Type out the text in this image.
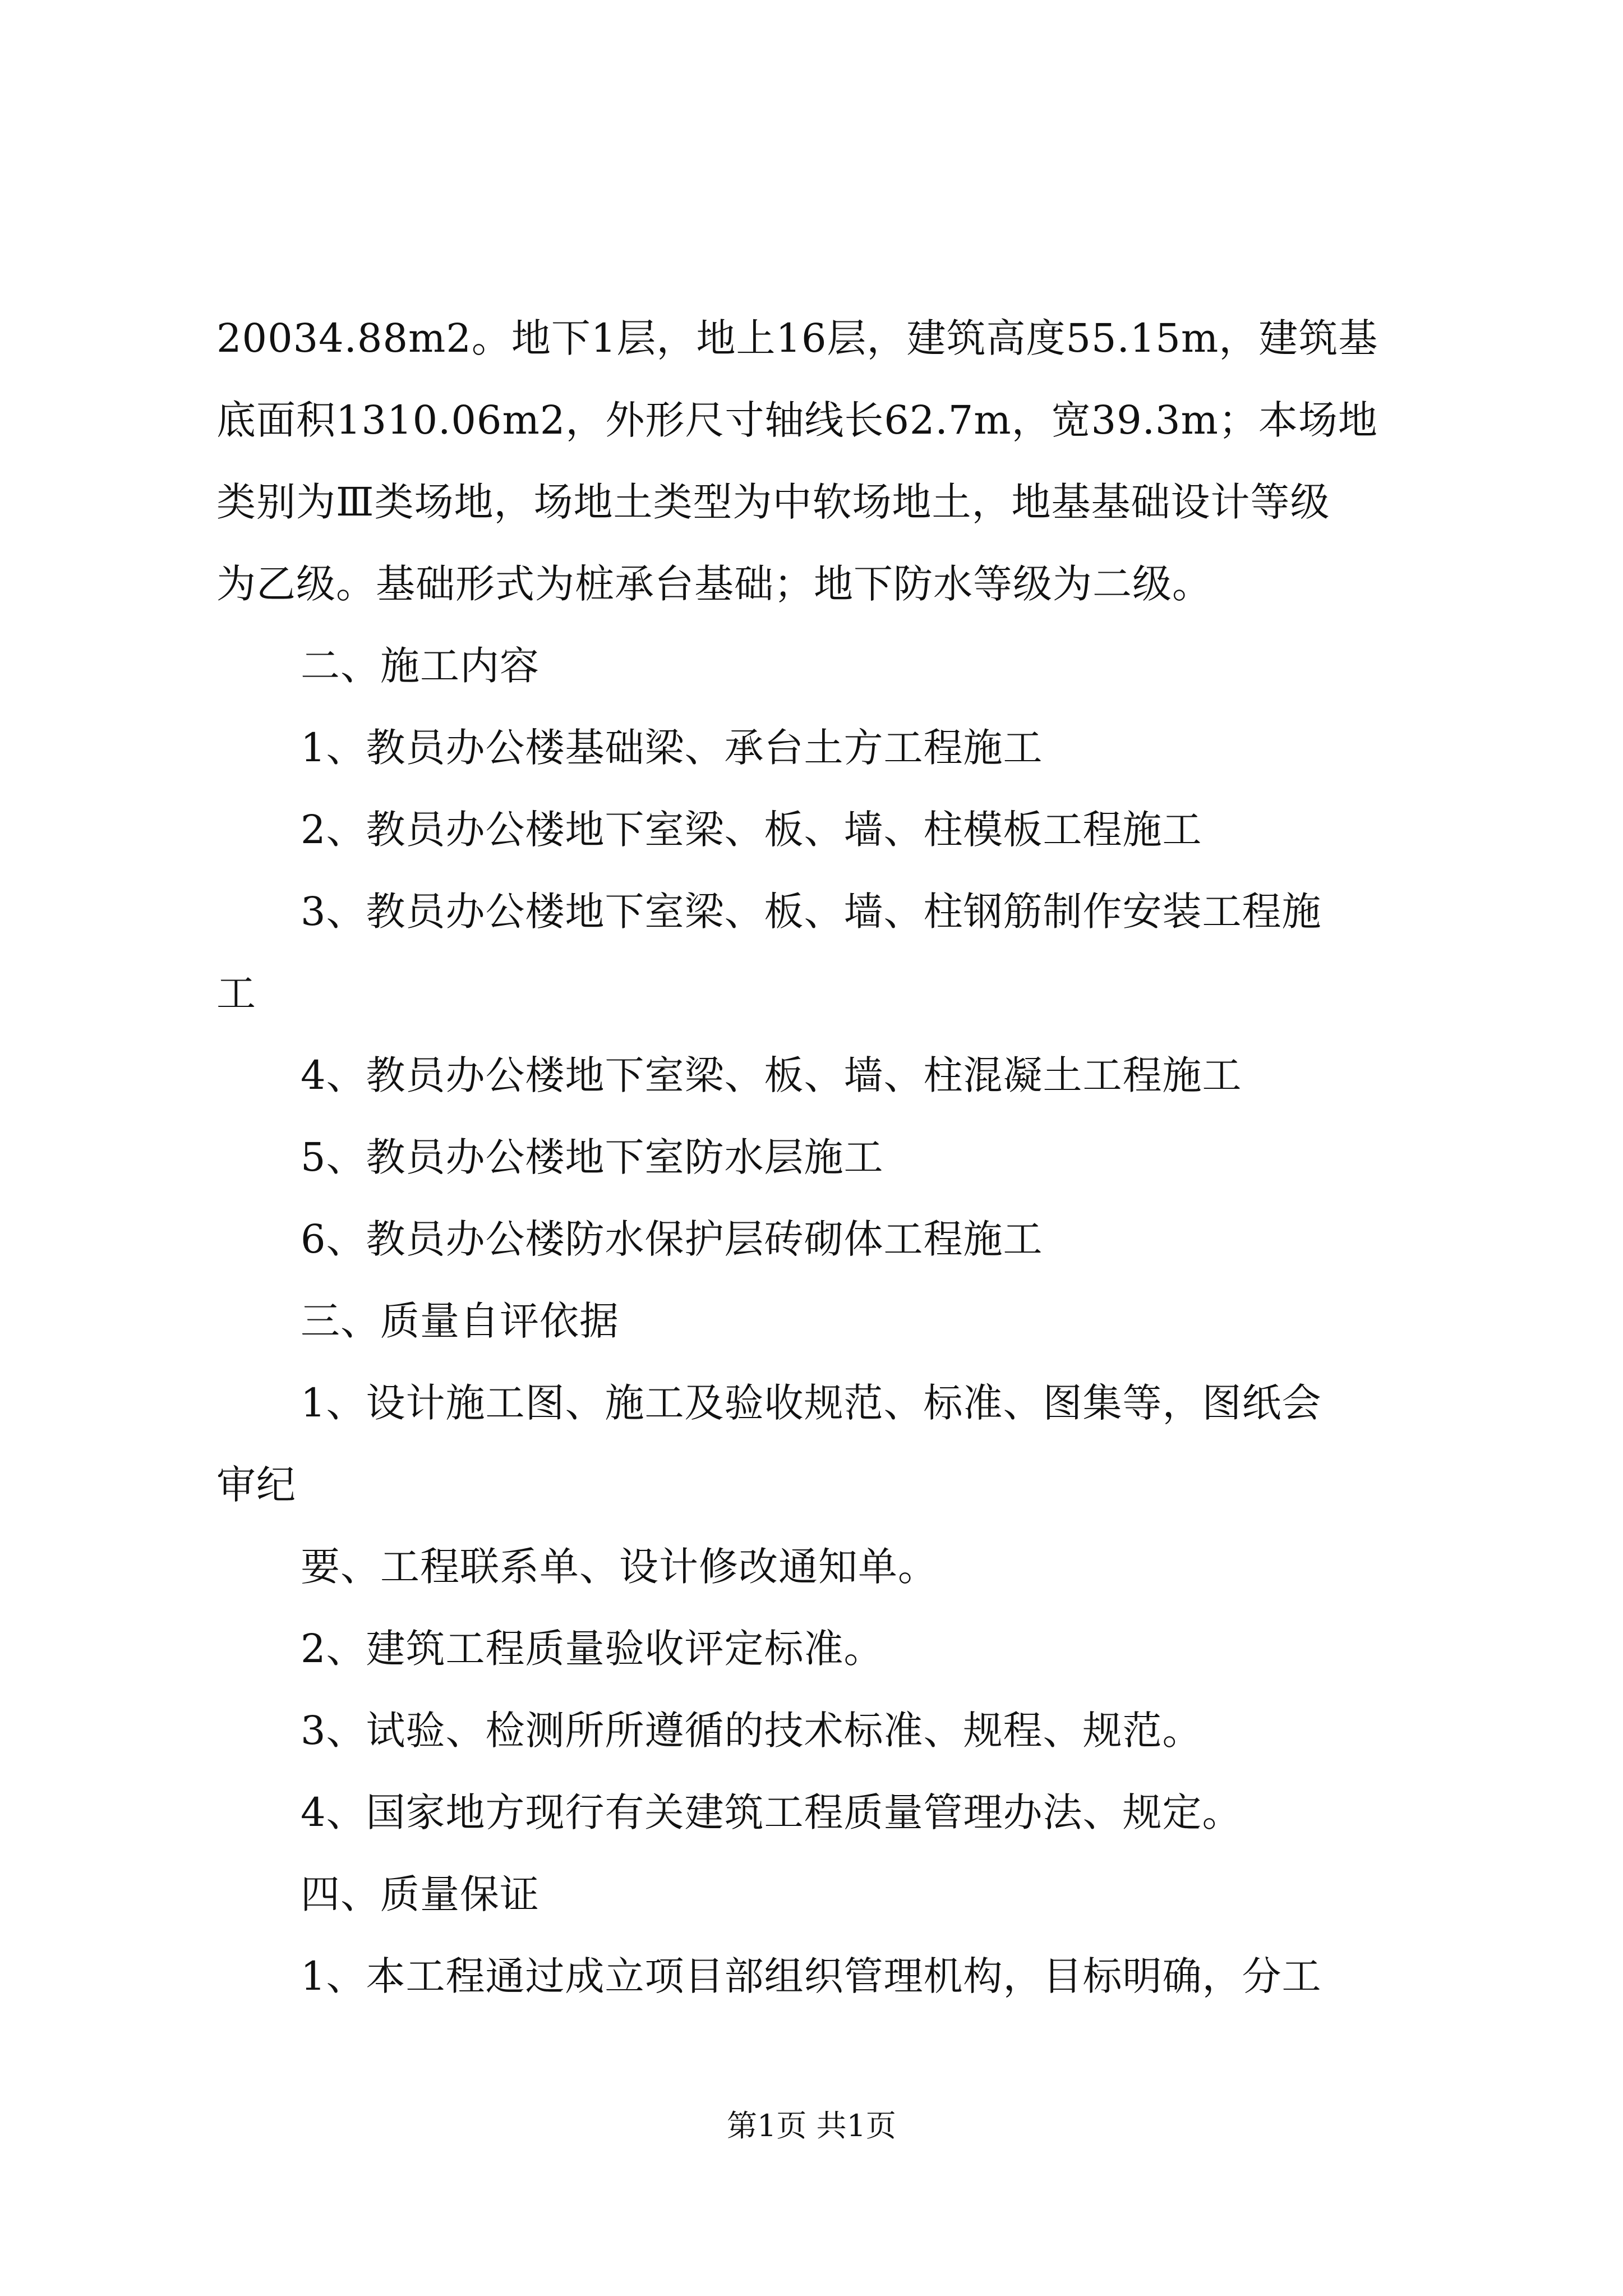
20034.88m2。地下1层，地上16层，建筑高度55.15m，建筑基
底面积1310.06m2，外形尺寸轴线长62.7m，宽39.3m；本场地
类别为Ⅲ类场地，场地土类型为中软场地土，地基基础设计等级
为乙级。基础形式为桩承台基础；地下防水等级为二级。
二、施工内容
1、教员办公楼基础梁、承台土方工程施工
2、教员办公楼地下室梁、板、墙、柱模板工程施工
3、教员办公楼地下室梁、板、墙、柱钢筋制作安装工程施
工
4、教员办公楼地下室梁、板、墙、柱混凝土工程施工
5、教员办公楼地下室防水层施工
6、教员办公楼防水保护层砖砌体工程施工
三、质量自评依据
1、设计施工图、施工及验收规范、标准、图集等，图纸会
审纪
要、工程联系单、设计修改通知单。
2、建筑工程质量验收评定标准。
3、试验、检测所所遵循的技术标准、规程、规范。
4、国家地方现行有关建筑工程质量管理办法、规定。
四、质量保证
1、本工程通过成立项目部组织管理机构，目标明确，分工
第1页 共1页
